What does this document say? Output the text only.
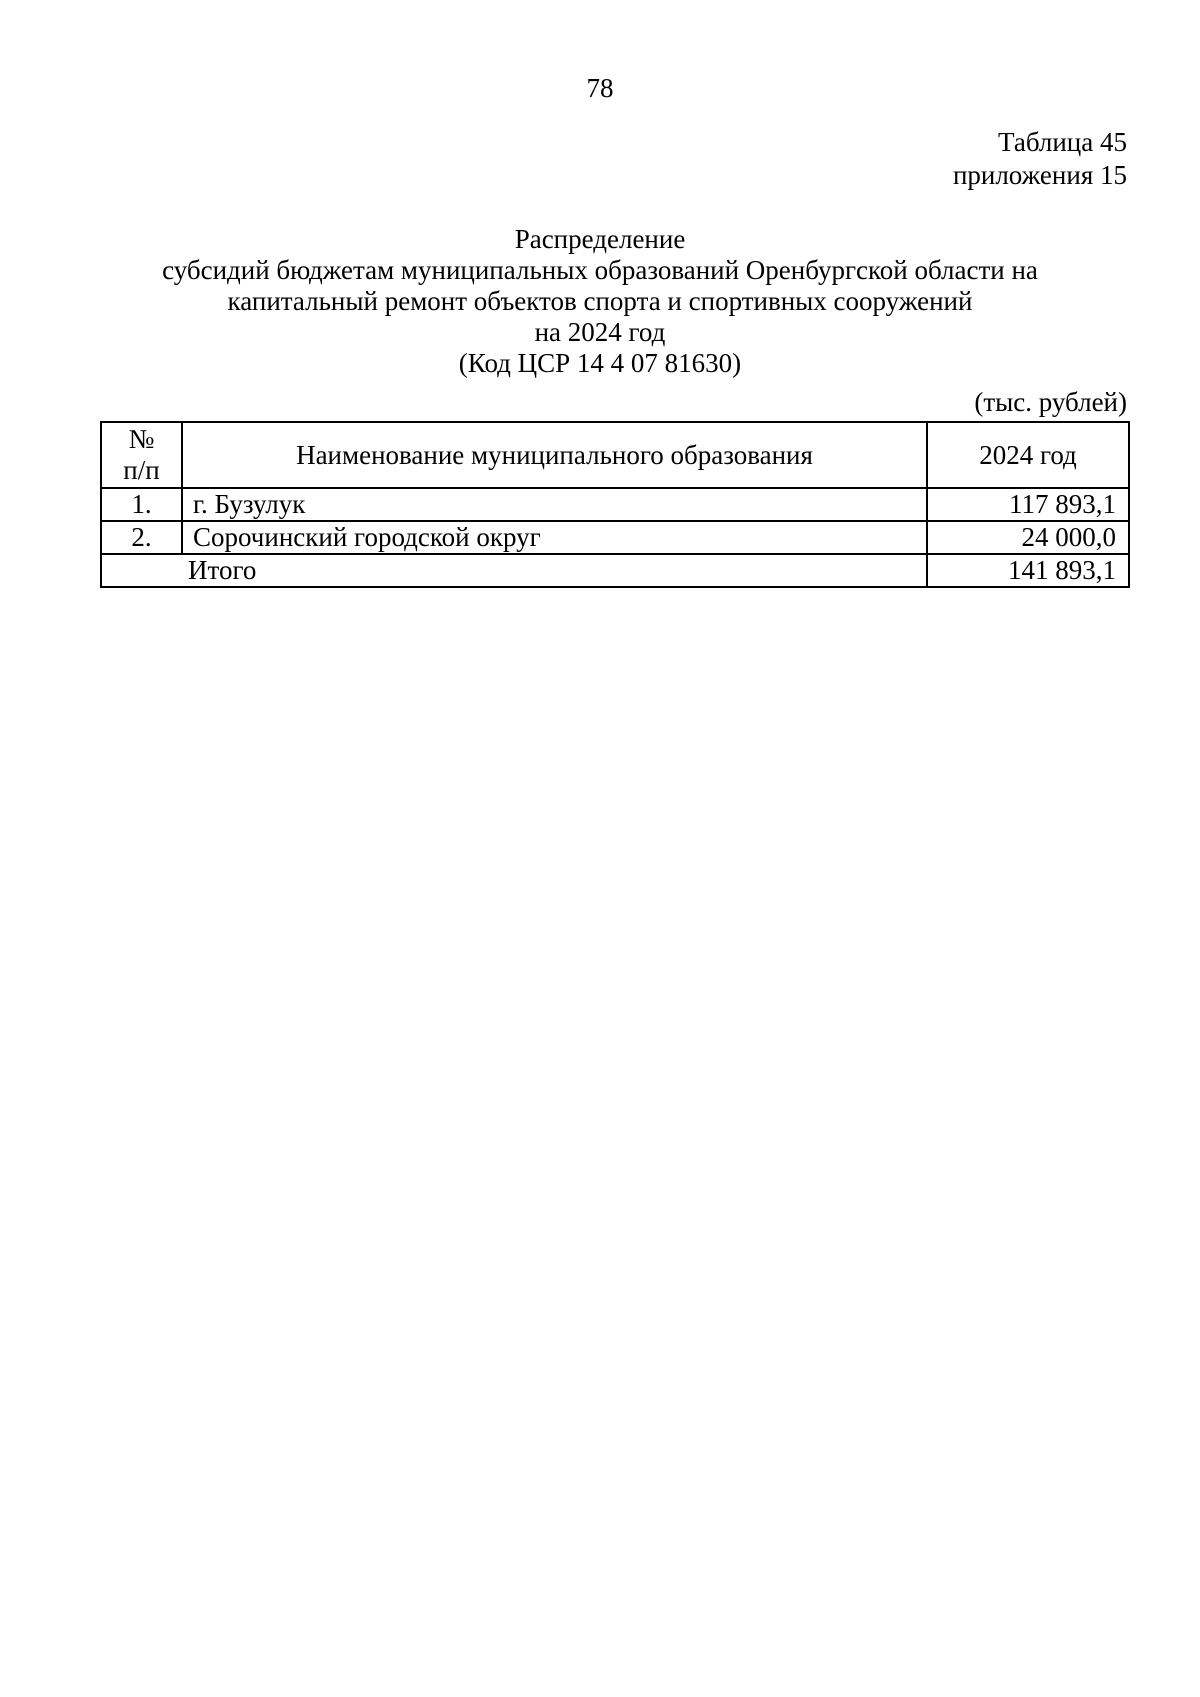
78
Таблица 45
приложения 15
Распределение
субсидий бюджетам муниципальных образований Оренбургской области на
капитальный ремонт объектов спорта и спортивных сооружений
на 2024 год
(Код ЦСР 14 4 07 81630)
(тыс. рублей)
№
п/п	Наименование муниципального образования	2024 год
1.	г. Бузулук	117 893,1
2.	Сорочинский городской округ	24 000,0
Итого		141 893,1
